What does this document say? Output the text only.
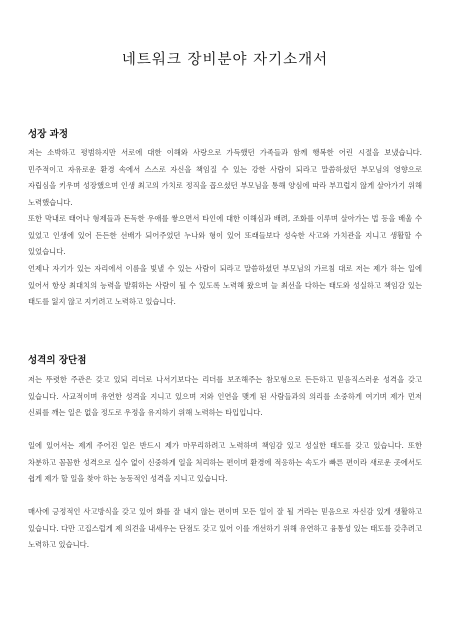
네트워크 장비분야 자기소개서
성장 과정

저는 소박하고 평범하지만 서로에 대한 이해와 사랑으로 가득했던 가족들과 함께 행복한 어린 시절을 보냈습니다. 민주적이고 자유로운 환경 속에서 스스로 자신을 책임질 수 있는 강한 사람이 되라고 말씀하셨던 부모님의 영향으로 자립심을 키우며 성장했으며 인생 최고의 가치로 정직을 꼽으셨던 부모님을 통해 양심에 따라 부끄럽지 않게 살아가기 위해 노력했습니다.

또한 막내로 태어나 형제들과 돈독한 우애를 쌓으면서 타인에 대한 이해심과 배려, 조화를 이루며 살아가는 법 등을 배울 수 있었고 인생에 있어 든든한 선배가 되어주었던 누나와 형이 있어 또래들보다 성숙한 사고와 가치관을 지니고 생활할 수 있었습니다.

언제나 자기가 있는 자리에서 이름을 빛낼 수 있는 사람이 되라고 말씀하셨던 부모님의 가르침 대로 저는 제가 하는 일에 있어서 항상 최대치의 능력을 발휘하는 사람이 될 수 있도록 노력해 왔으며 늘 최선을 다하는 태도와 성실하고 책임감 있는 태도를 잃지 않고 지키려고 노력하고 있습니다.

성격의 장단점

저는 뚜렷한 주관은 갖고 있되 리더로 나서기보다는 리더를 보조해주는 참모형으로 든든하고 믿음직스러운 성격을 갖고 있습니다. 사교적이며 유연한 성격을 지니고 있으며 저와 인연을 맺게 된 사람들과의 의리를 소중하게 여기며 제가 먼저 신뢰를 깨는 일은 없을 정도로 우정을 유지하기 위해 노력하는 타입입니다.

일에 있어서는 제게 주어진 일은 반드시 제가 마무리하려고 노력하며 책임감 있고 성실한 태도를 갖고 있습니다. 또한 차분하고 꼼꼼한 성격으로 실수 없이 신중하게 일을 처리하는 편이며 환경에 적응하는 속도가 빠른 편이라 새로운 곳에서도 쉽게 제가 할 일을 찾아 하는 능동적인 성격을 지니고 있습니다.

매사에 긍정적인 사고방식을 갖고 있어 화를 잘 내지 않는 편이며 모든 일이 잘 될 거라는 믿음으로 자신감 있게 생활하고 있습니다. 다만 고집스럽게 제 의견을 내세우는 단점도 갖고 있어 이를 개선하기 위해 유연하고 융통성 있는 태도를 갖추려고 노력하고 있습니다.
